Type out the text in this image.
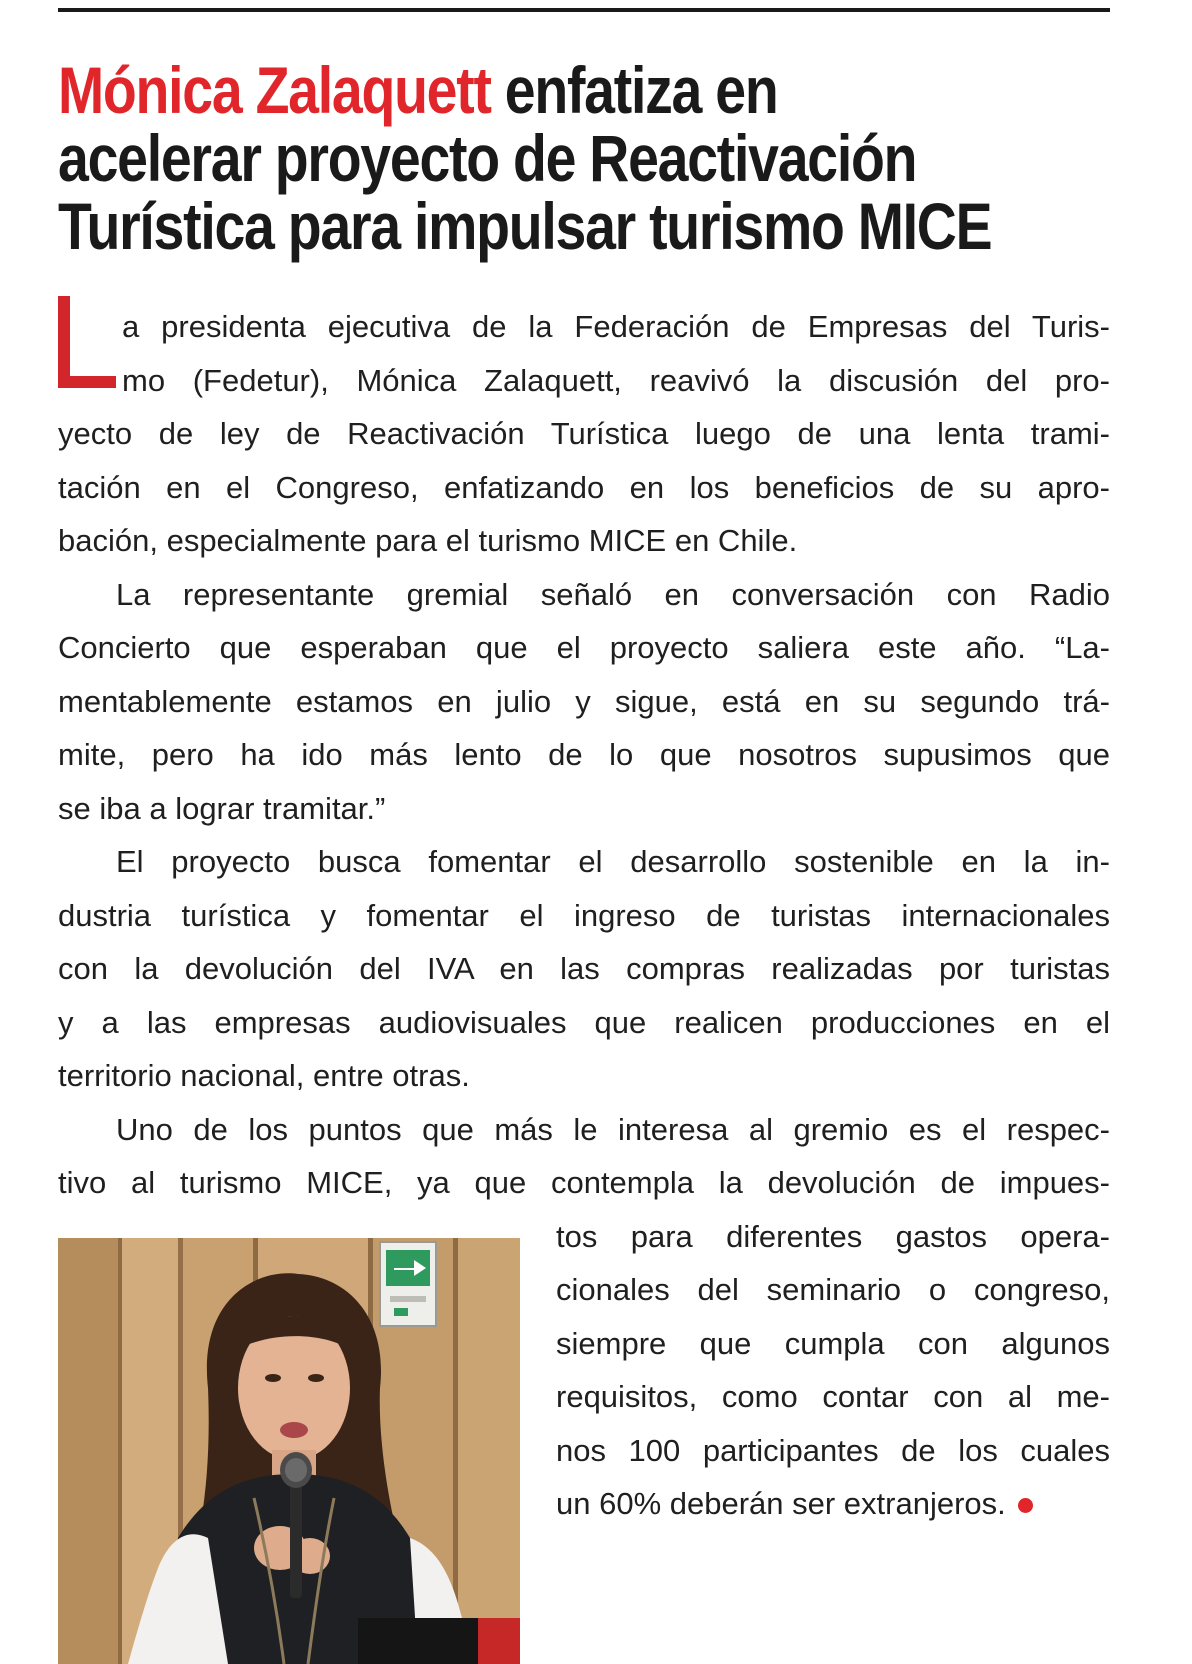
Mónica Zalaquett enfatiza en
acelerar proyecto de Reactivación
Turística para impulsar turismo MICE
a presidenta ejecutiva de la Federación de Empresas del Turis-
mo (Fedetur), Mónica Zalaquett, reavivó la discusión del pro-
yecto de ley de Reactivación Turística luego de una lenta trami-
tación en el Congreso, enfatizando en los beneficios de su apro-
bación, especialmente para el turismo MICE en Chile.
La representante gremial señaló en conversación con Radio
Concierto que esperaban que el proyecto saliera este año. “La-
mentablemente estamos en julio y sigue, está en su segundo trá-
mite, pero ha ido más lento de lo que nosotros supusimos que
se iba a lograr tramitar.”
El proyecto busca fomentar el desarrollo sostenible en la in-
dustria turística y fomentar el ingreso de turistas internacionales
con la devolución del IVA en las compras realizadas por turistas
y a las empresas audiovisuales que realicen producciones en el
territorio nacional, entre otras.
Uno de los puntos que más le interesa al gremio es el respec-
tivo al turismo MICE, ya que contempla la devolución de impues-
tos para diferentes gastos opera-
cionales del seminario o congreso,
siempre que cumpla con algunos
requisitos, como contar con al me-
nos 100 participantes de los cuales
un 60% deberán ser extranjeros.
